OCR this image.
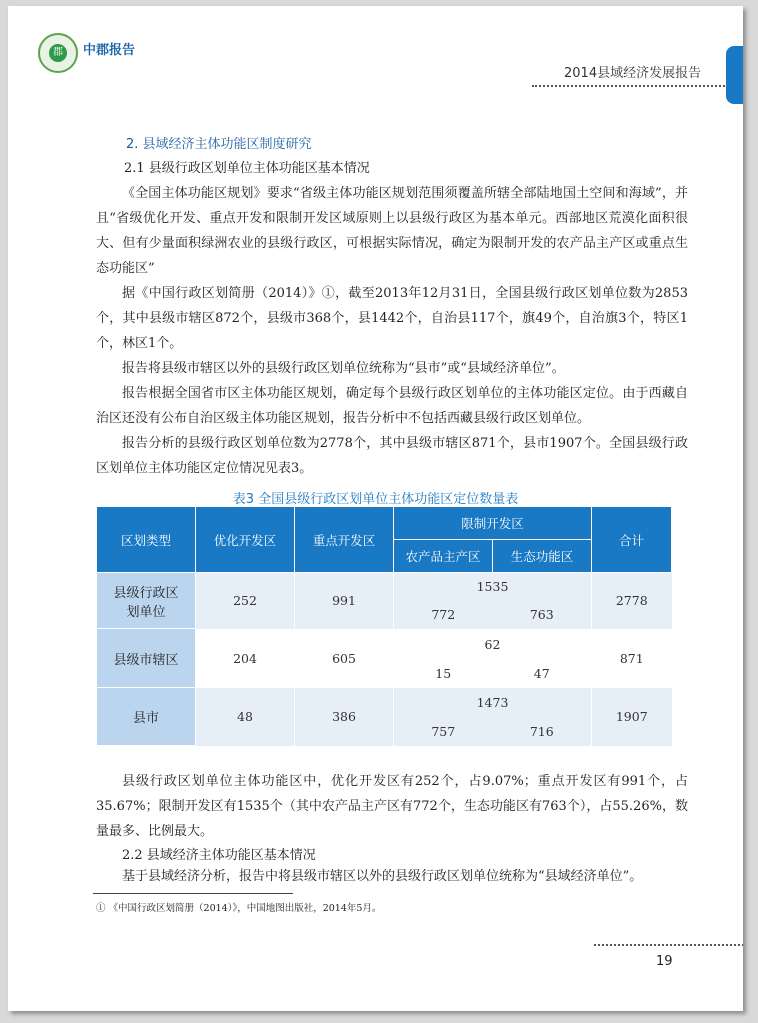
郡	中郡报告
2014县域经济发展报告
2. 县域经济主体功能区制度研究
2.1 县级行政区划单位主体功能区基本情况

《全国主体功能区规划》要求“省级主体功能区规划范围须覆盖所辖全部陆地国土空间和海域”，并且“省级优化开发、重点开发和限制开发区域原则上以县级行政区为基本单元。西部地区荒漠化面积很大、但有少量面积绿洲农业的县级行政区，可根据实际情况，确定为限制开发的农产品主产区或重点生态功能区”

据《中国行政区划简册（2014）》①，截至2013年12月31日，全国县级行政区划单位数为2853个，其中县级市辖区872个，县级市368个，县1442个，自治县117个，旗49个，自治旗3个，特区1个，林区1个。

报告将县级市辖区以外的县级行政区划单位统称为“县市”或“县域经济单位”。

报告根据全国省市区主体功能区规划，确定每个县级行政区划单位的主体功能区定位。由于西藏自治区还没有公布自治区级主体功能区规划，报告分析中不包括西藏县级行政区划单位。

报告分析的县级行政区划单位数为2778个，其中县级市辖区871个，县市1907个。全国县级行政区划单位主体功能区定位情况见表3。

表3 全国县级行政区划单位主体功能区定位数量表
区划类型	优化开发区	重点开发区	限制开发区		合计
			农产品主产区	生态功能区	
县级行政区划单位	252	991	1535		2778
			772	763	
县级市辖区	204	605	62		871
			15	47	
县市	48	386	1473		1907
			757	716	

县级行政区划单位主体功能区中，优化开发区有252个，占9.07%；重点开发区有991个，占35.67%；限制开发区有1535个（其中农产品主产区有772个，生态功能区有763个），占55.26%，数量最多、比例最大。

2.2 县域经济主体功能区基本情况

基于县域经济分析，报告中将县级市辖区以外的县级行政区划单位统称为“县域经济单位”。

① 《中国行政区划简册（2014）》，中国地图出版社，2014年5月。
19
